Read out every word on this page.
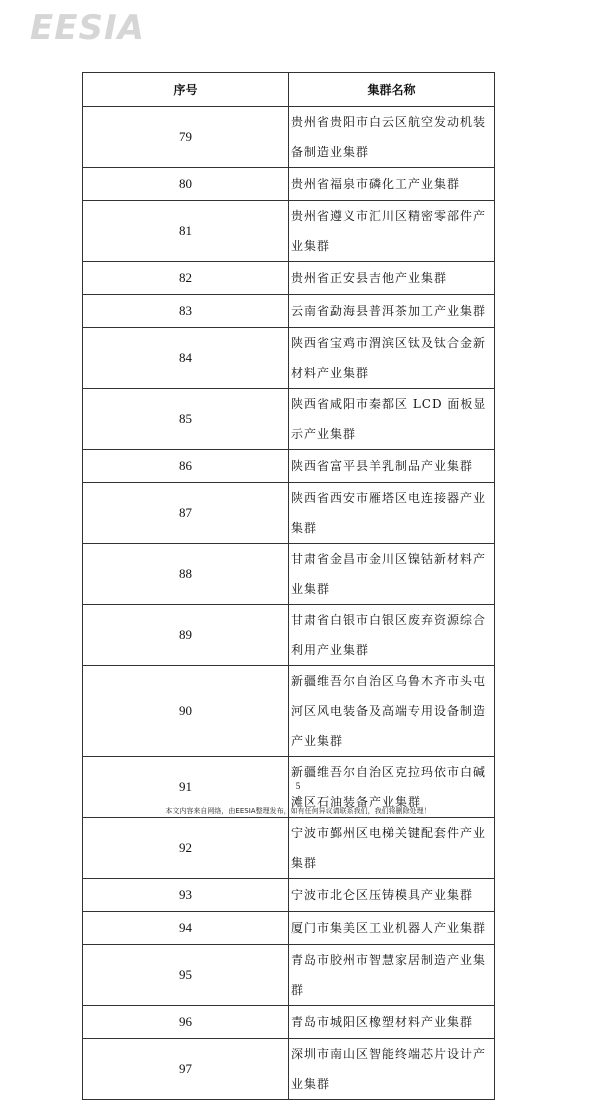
EESIA
序号	集群名称
79	贵州省贵阳市白云区航空发动机装备制造业集群
80	贵州省福泉市磷化工产业集群
81	贵州省遵义市汇川区精密零部件产业集群
82	贵州省正安县吉他产业集群
83	云南省勐海县普洱茶加工产业集群
84	陕西省宝鸡市渭滨区钛及钛合金新材料产业集群
85	陕西省咸阳市秦都区 LCD 面板显示产业集群
86	陕西省富平县羊乳制品产业集群
87	陕西省西安市雁塔区电连接器产业集群
88	甘肃省金昌市金川区镍钴新材料产业集群
89	甘肃省白银市白银区废弃资源综合利用产业集群
90	新疆维吾尔自治区乌鲁木齐市头屯河区风电装备及高端专用设备制造产业集群
91	新疆维吾尔自治区克拉玛依市白碱滩区石油装备产业集群
92	宁波市鄞州区电梯关键配套件产业集群
93	宁波市北仑区压铸模具产业集群
94	厦门市集美区工业机器人产业集群
95	青岛市胶州市智慧家居制造产业集群
96	青岛市城阳区橡塑材料产业集群
97	深圳市南山区智能终端芯片设计产业集群
5
本文内容来自网络，由EESIA整理发布，如有任何异议请联系我们，我们将删除处理！
